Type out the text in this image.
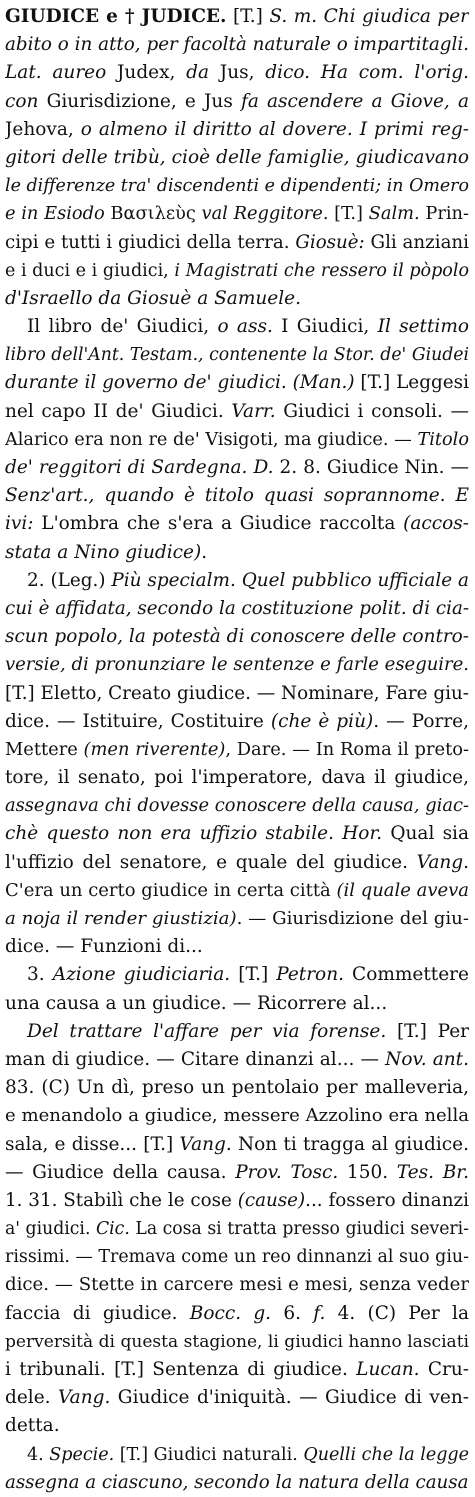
GIUDICE e † JUDICE. [T.] S. m. Chi giudica per
abito o in atto, per facoltà naturale o impartitagli.
Lat. aureo Judex, da Jus, dico. Ha com. l'orig.
con Giurisdizione, e Jus fa ascendere a Giove, a
Jehova, o almeno il diritto al dovere. I primi reg-
gitori delle tribù, cioè delle famiglie, giudicavano
le differenze tra' discendenti e dipendenti; in Omero
e in Esiodo Βασιλεὺς val Reggitore. [T.] Salm. Prin-
cipi e tutti i giudici della terra. Giosuè: Gli anziani
e i duci e i giudici, i Magistrati che ressero il pòpolo
d'Israello da Giosuè a Samuele.
Il libro de' Giudici, o ass. I Giudici, Il settimo
libro dell'Ant. Testam., contenente la Stor. de' Giudei
durante il governo de' giudici. (Man.) [T.] Leggesi
nel capo II de' Giudici. Varr. Giudici i consoli. —
Alarico era non re de' Visigoti, ma giudice. — Titolo
de' reggitori di Sardegna. D. 2. 8. Giudice Nin. —
Senz'art., quando è titolo quasi soprannome. E
ivi: L'ombra che s'era a Giudice raccolta (accos-
stata a Nino giudice).
2. (Leg.) Più specialm. Quel pubblico ufficiale a
cui è affidata, secondo la costituzione polit. di cia-
scun popolo, la potestà di conoscere delle contro-
versie, di pronunziare le sentenze e farle eseguire.
[T.] Eletto, Creato giudice. — Nominare, Fare giu-
dice. — Istituire, Costituire (che è più). — Porre,
Mettere (men riverente), Dare. — In Roma il preto-
tore, il senato, poi l'imperatore, dava il giudice,
assegnava chi dovesse conoscere della causa, giac-
chè questo non era uffizio stabile. Hor. Qual sia
l'uffizio del senatore, e quale del giudice. Vang.
C'era un certo giudice in certa città (il quale aveva
a noja il render giustizia). — Giurisdizione del giu-
dice. — Funzioni di...
3. Azione giudiciaria. [T.] Petron. Commettere
una causa a un giudice. — Ricorrere al...
Del trattare l'affare per via forense. [T.] Per
man di giudice. — Citare dinanzi al... — Nov. ant.
83. (C) Un dì, preso un pentolaio per malleveria,
e menandolo a giudice, messere Azzolino era nella
sala, e disse... [T.] Vang. Non ti tragga al giudice.
— Giudice della causa. Prov. Tosc. 150. Tes. Br.
1. 31. Stabilì che le cose (cause)... fossero dinanzi
a' giudici. Cic. La cosa si tratta presso giudici severi-
rissimi. — Tremava come un reo dinnanzi al suo giu-
dice. — Stette in carcere mesi e mesi, senza veder
faccia di giudice. Bocc. g. 6. f. 4. (C) Per la
perversità di questa stagione, li giudici hanno lasciati
i tribunali. [T.] Sentenza di giudice. Lucan. Cru-
dele. Vang. Giudice d'iniquità. — Giudice di ven-
detta.
4. Specie. [T.] Giudici naturali. Quelli che la legge
assegna a ciascuno, secondo la natura della causa
